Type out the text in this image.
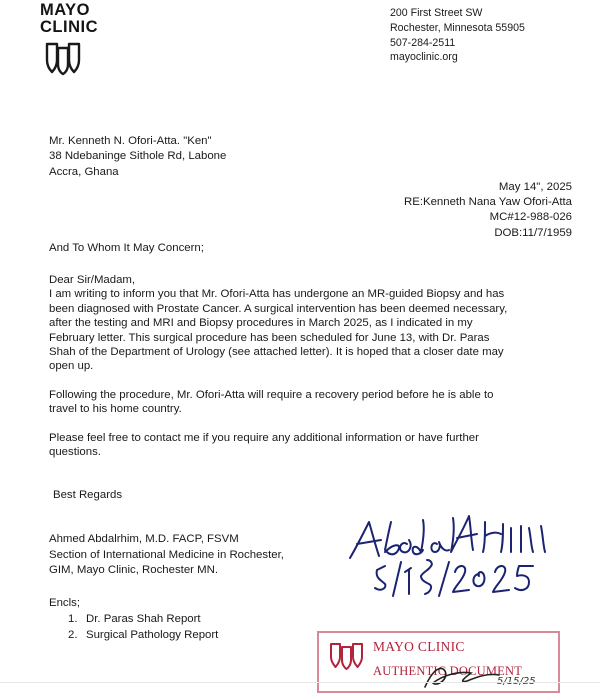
MAYO
CLINIC
200 First Street SW
Rochester, Minnesota 55905
507-284-2511
mayoclinic.org
Mr. Kenneth N. Ofori-Atta. "Ken"
38 Ndebaninge Sithole Rd, Labone
Accra, Ghana
May 14", 2025
RE:Kenneth Nana Yaw Ofori-Atta
MC#12-988-026
DOB:11/7/1959
And To Whom It May Concern;

Dear Sir/Madam,

I am writing to inform you that Mr. Ofori-Atta has undergone an MR-guided Biopsy and has
been diagnosed with Prostate Cancer. A surgical intervention has been deemed necessary,
after the testing and MRI and Biopsy procedures in March 2025, as I indicated in my
February letter. This surgical procedure has been scheduled for June 13, with Dr. Paras
Shah of the Department of Urology (see attached letter). It is hoped that a closer date may
open up.

Following the procedure, Mr. Ofori-Atta will require a recovery period before he is able to
travel to his home country.

Please feel free to contact me if you require any additional information or have further
questions.

Best Regards
Ahmed Abdalrhim, M.D. FACP, FSVM
Section of International Medicine in Rochester,
GIM, Mayo Clinic, Rochester MN.
Encls;
1. Dr. Paras Shah Report
2. Surgical Pathology Report
MAYO CLINIC
AUTHENTIC DOCUMENT
